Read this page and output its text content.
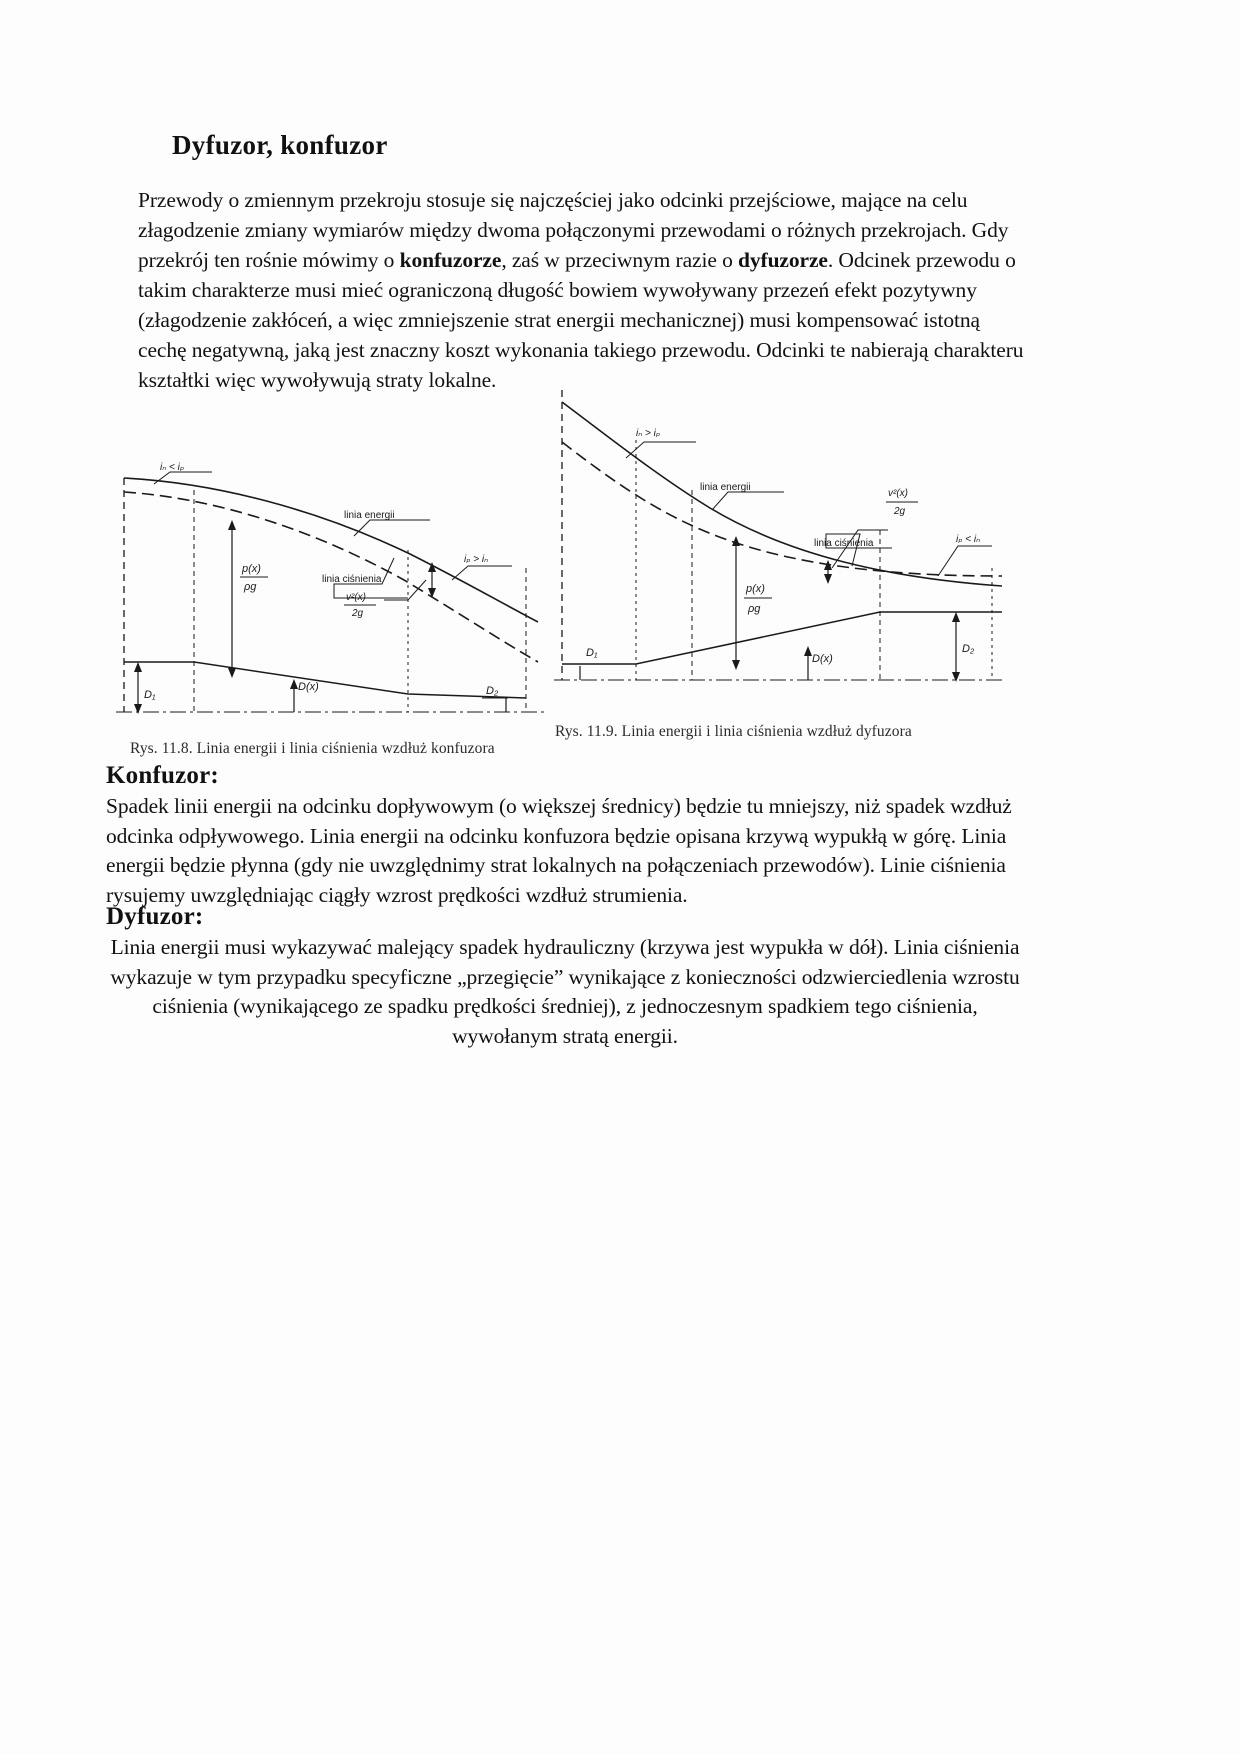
Dyfuzor, konfuzor
Przewody o zmiennym przekroju stosuje się najczęściej jako odcinki przejściowe, mające na celu złagodzenie zmiany wymiarów między dwoma połączonymi przewodami o różnych przekrojach. Gdy przekrój ten rośnie mówimy o konfuzorze, zaś w przeciwnym razie o dyfuzorze. Odcinek przewodu o takim charakterze musi mieć ograniczoną długość bowiem wywoływany przezeń efekt pozytywny (złagodzenie zakłóceń, a więc zmniejszenie strat energii mechanicznej) musi kompensować istotną cechę negatywną, jaką jest znaczny koszt wykonania takiego przewodu. Odcinki te nabierają charakteru kształtki więc wywoływują straty lokalne.
iₙ < iₚ
linia energii
linia ciśnienia
p(x)
ρg
v²(x)
2g
iₚ > iₙ
D₁
D(x)	D₂
iₙ > iₚ
linia energii
linia ciśnienia
p(x)
ρg
v²(x)
2g
iₚ < iₙ
D₁	D(x)
D₂
Rys. 11.8. Linia energii i linia ciśnienia wzdłuż konfuzora
Rys. 11.9. Linia energii i linia ciśnienia wzdłuż dyfuzora
Konfuzor:

Spadek linii energii na odcinku dopływowym (o większej średnicy) będzie tu mniejszy, niż spadek wzdłuż odcinka odpływowego. Linia energii na odcinku konfuzora będzie opisana krzywą wypukłą w górę. Linia energii będzie płynna (gdy nie uwzględnimy strat lokalnych na połączeniach przewodów). Linie ciśnienia rysujemy uwzględniając ciągły wzrost prędkości wzdłuż strumienia.

Dyfuzor:

Linia energii musi wykazywać malejący spadek hydrauliczny (krzywa jest wypukła w dół). Linia ciśnienia wykazuje w tym przypadku specyficzne „przegięcie” wynikające z konieczności odzwierciedlenia wzrostu ciśnienia (wynikającego ze spadku prędkości średniej), z jednoczesnym spadkiem tego ciśnienia, wywołanym stratą energii.
